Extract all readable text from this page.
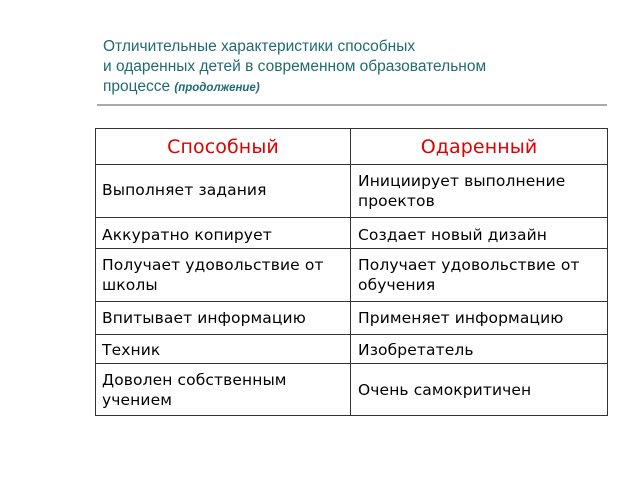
Отличительные характеристики способных
и одаренных детей в современном образовательном
процессе (продолжение)
Способный
Выполняет задания
Аккуратно копирует
Получает удовольствие от школы
Впитывает информацию
Техник
Доволен собственным учением
Одаренный
Инициирует выполнение проектов
Создает новый дизайн
Получает удовольствие от обучения
Применяет информацию
Изобретатель
Очень самокритичен
